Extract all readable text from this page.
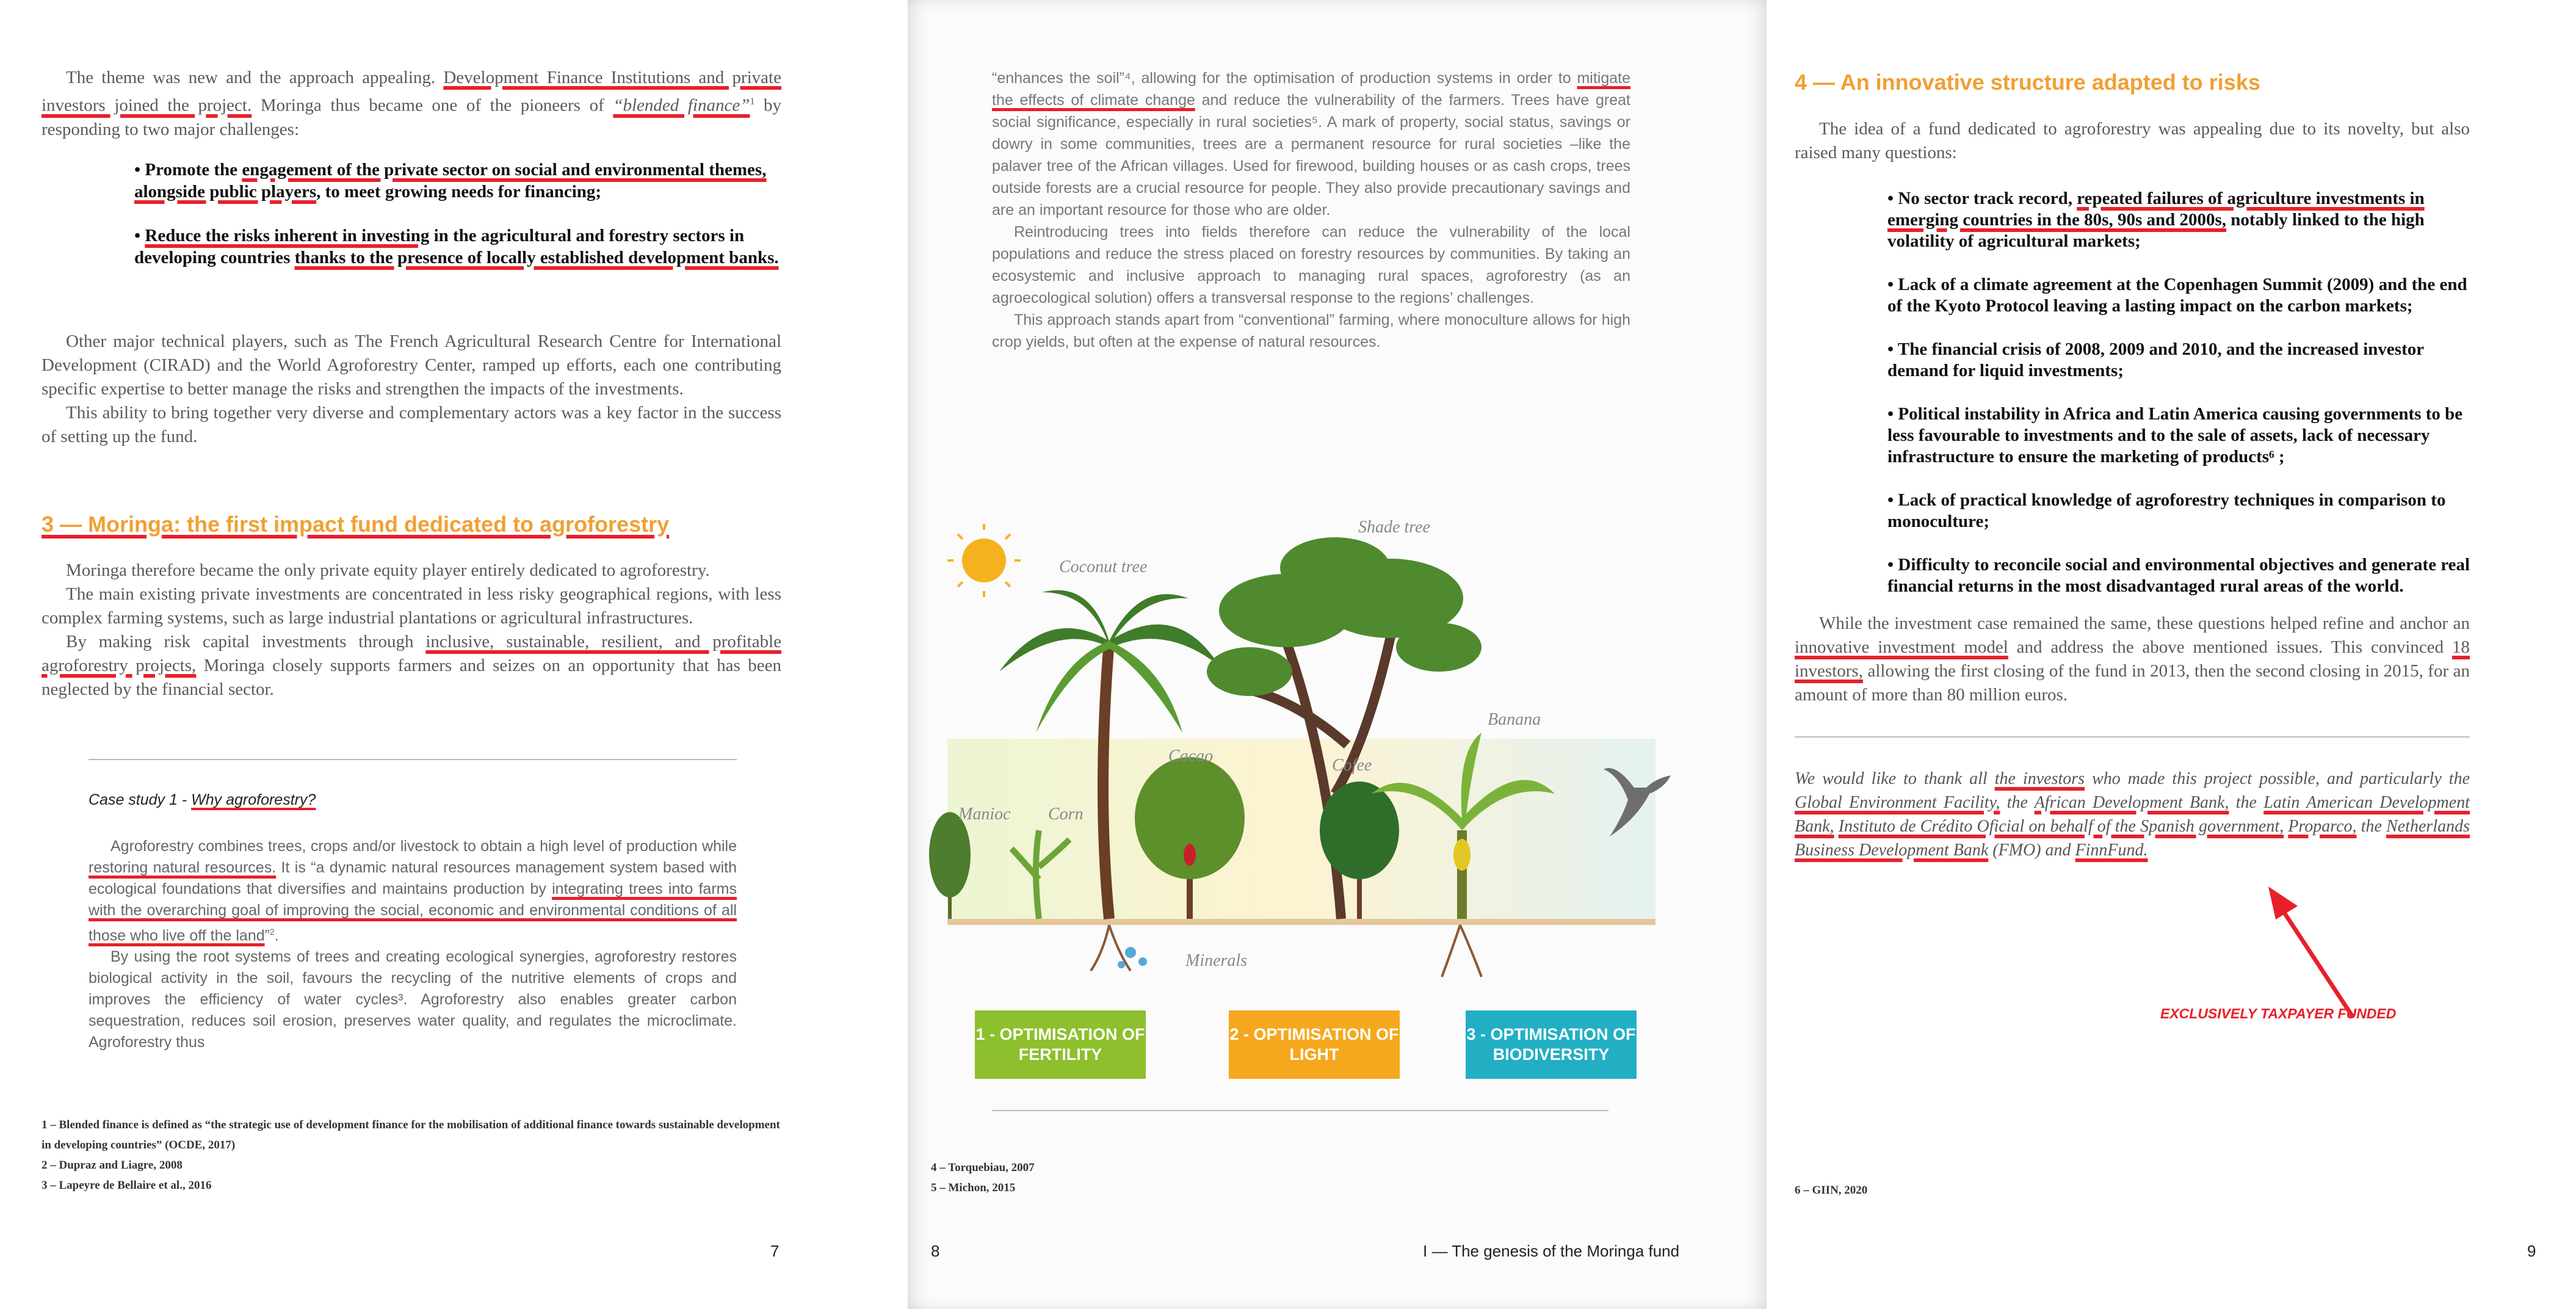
The theme was new and the approach appealing. Development Finance Institutions and private investors joined the project. Moringa thus became one of the pioneers of “blended finance”$^1$ by responding to two major challenges:

• Promote the engagement of the private sector on social and environmental themes, alongside public players, to meet growing needs for financing;

• Reduce the risks inherent in investing in the agricultural and forestry sectors in developing countries thanks to the presence of locally established development banks.

Other major technical players, such as The French Agricultural Research Centre for International Development (CIRAD) and the World Agroforestry Center, ramped up efforts, each one contributing specific expertise to better manage the risks and strengthen the impacts of the investments.

This ability to bring together very diverse and complementary actors was a key factor in the success of setting up the fund.

3 — Moringa: the first impact fund dedicated to agroforestry

Moringa therefore became the only private equity player entirely dedicated to agroforestry.

The main existing private investments are concentrated in less risky geographical regions, with less complex farming systems, such as large industrial plantations or agricultural infrastructures.

By making risk capital investments through inclusive, sustainable, resilient, and profitable agroforestry projects, Moringa closely supports farmers and seizes on an opportunity that has been neglected by the financial sector.

Case study 1 - Why agroforestry?

Agroforestry combines trees, crops and/or livestock to obtain a high level of production while restoring natural resources. It is “a dynamic natural resources management system based with ecological foundations that diversifies and maintains production by integrating trees into farms with the overarching goal of improving the social, economic and environmental conditions of all those who live off the land”$^2$.

By using the root systems of trees and creating ecological synergies, agroforestry restores biological activity in the soil, favours the recycling of the nutritive elements of crops and improves the efficiency of water cycles³. Agroforestry also enables greater carbon sequestration, reduces soil erosion, preserves water quality, and regulates the microclimate. Agroforestry thus

1 – Blended finance is defined as “the strategic use of development finance for the mobilisation of additional finance towards sustainable development in developing countries” (OCDE, 2017)

2 – Dupraz and Liagre, 2008

3 – Lapeyre de Bellaire et al., 2016

7

“enhances the soil”⁴, allowing for the optimisation of production systems in order to mitigate the effects of climate change and reduce the vulnerability of the farmers. Trees have great social significance, especially in rural societies⁵. A mark of property, social status, savings or dowry in some communities, trees are a permanent resource for rural societies –like the palaver tree of the African villages. Used for firewood, building houses or as cash crops, trees outside forests are a crucial resource for people. They also provide precautionary savings and are an important resource for those who are older.

Reintroducing trees into fields therefore can reduce the vulnerability of the local populations and reduce the stress placed on forestry resources by communities. By taking an ecosystemic and inclusive approach to managing rural spaces, agroforestry (as an agroecological solution) offers a transversal response to the regions’ challenges.

This approach stands apart from “conventional” farming, where monoculture allows for high crop yields, but often at the expense of natural resources.

Coconut tree
Shade tree
Cacao	Cofee
Banana
Manioc Corn
Minerals
1 - OPTIMISATION OF FERTILITY
2 - OPTIMISATION OF LIGHT
3 - OPTIMISATION OF BIODIVERSITY

4 – Torquebiau, 2007

5 – Michon, 2015

8	I — The genesis of the Moringa fund
4 — An innovative structure adapted to risks

The idea of a fund dedicated to agroforestry was appealing due to its novelty, but also raised many questions:

• No sector track record, repeated failures of agriculture investments in emerging countries in the 80s, 90s and 2000s, notably linked to the high volatility of agricultural markets;

• Lack of a climate agreement at the Copenhagen Summit (2009) and the end of the Kyoto Protocol leaving a lasting impact on the carbon markets;

• The financial crisis of 2008, 2009 and 2010, and the increased investor demand for liquid investments;

• Political instability in Africa and Latin America causing governments to be less favourable to investments and to the sale of assets, lack of necessary infrastructure to ensure the marketing of products⁶ ;

• Lack of practical knowledge of agroforestry techniques in comparison to monoculture;

• Difficulty to reconcile social and environmental objectives and generate real financial returns in the most disadvantaged rural areas of the world.

While the investment case remained the same, these questions helped refine and anchor an innovative investment model and address the above mentioned issues. This convinced 18 investors, allowing the first closing of the fund in 2013, then the second closing in 2015, for an amount of more than 80 million euros.

We would like to thank all the investors who made this project possible, and particularly the Global Environment Facility, the African Development Bank, the Latin American Development Bank, Instituto de Crédito Oficial on behalf of the Spanish government, Proparco, the Netherlands Business Development Bank (FMO) and FinnFund.
EXCLUSIVELY TAXPAYER FUNDED

6 – GIIN, 2020

9
